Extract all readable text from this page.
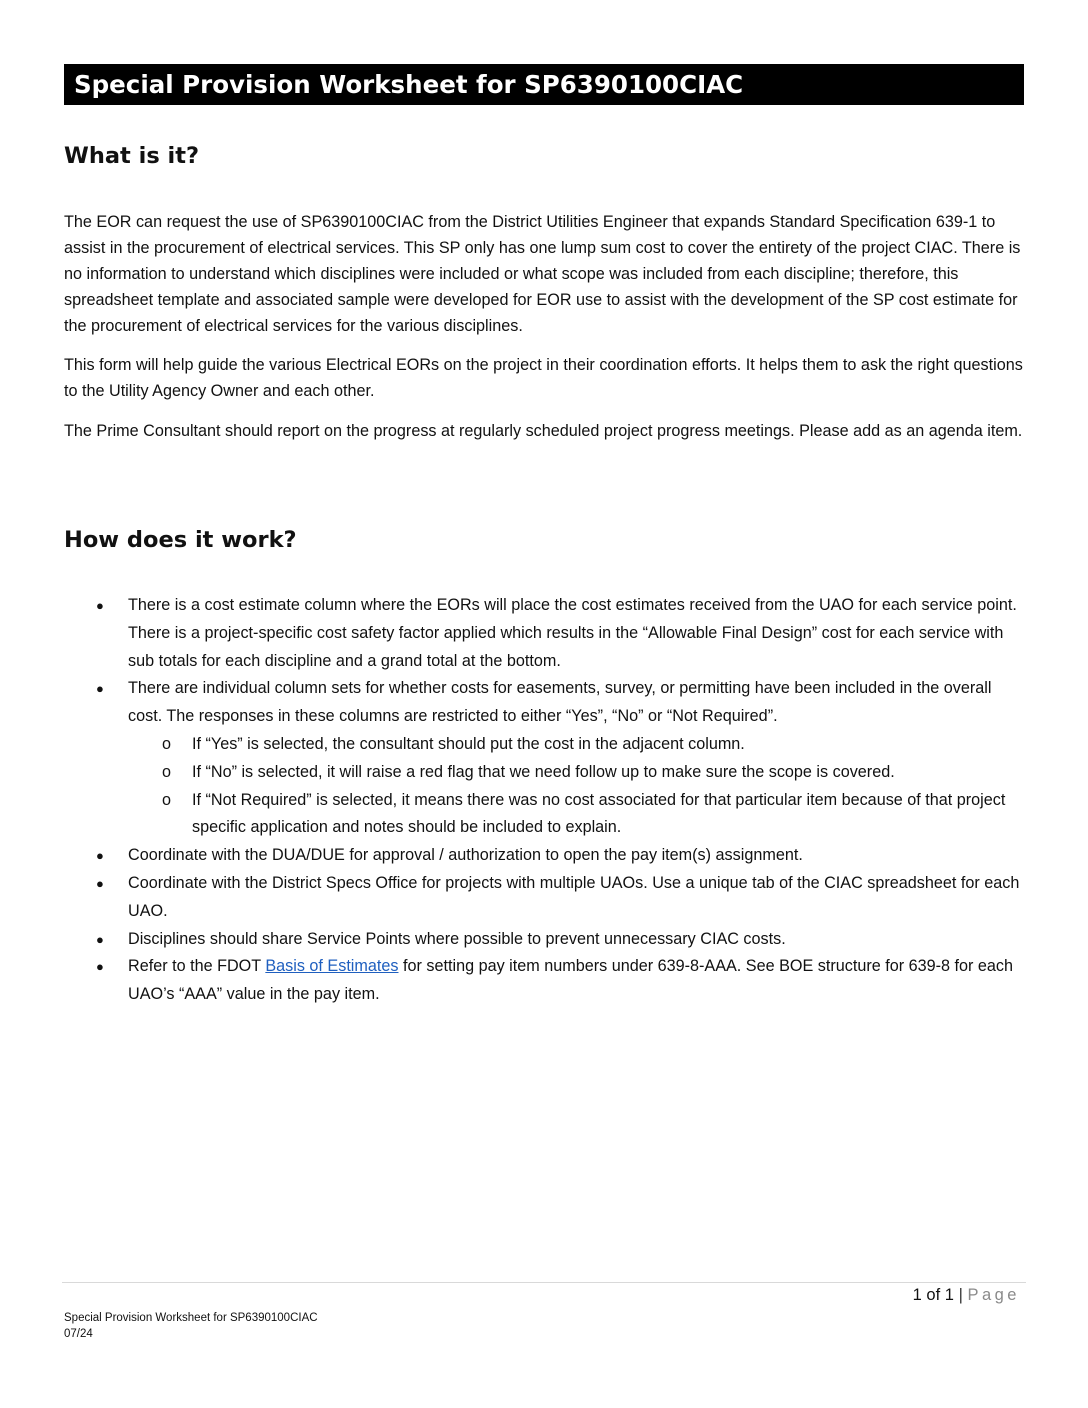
Special Provision Worksheet for SP6390100CIAC
What is it?

The EOR can request the use of SP6390100CIAC from the District Utilities Engineer that expands Standard Specification 639-1 to assist in the procurement of electrical services. This SP only has one lump sum cost to cover the entirety of the project CIAC. There is no information to understand which disciplines were included or what scope was included from each discipline; therefore, this spreadsheet template and associated sample were developed for EOR use to assist with the development of the SP cost estimate for the procurement of electrical services for the various disciplines.

This form will help guide the various Electrical EORs on the project in their coordination efforts. It helps them to ask the right questions to the Utility Agency Owner and each other.

The Prime Consultant should report on the progress at regularly scheduled project progress meetings. Please add as an agenda item.

How does it work?
● There is a cost estimate column where the EORs will place the cost estimates received from the UAO for each service point. There is a project-specific cost safety factor applied which results in the “Allowable Final Design” cost for each service with sub totals for each discipline and a grand total at the bottom.
● There are individual column sets for whether costs for easements, survey, or permitting have been included in the overall cost. The responses in these columns are restricted to either “Yes”, “No” or “Not Required”.
o If “Yes” is selected, the consultant should put the cost in the adjacent column.
o If “No” is selected, it will raise a red flag that we need follow up to make sure the scope is covered.
o If “Not Required” is selected, it means there was no cost associated for that particular item because of that project specific application and notes should be included to explain.
● Coordinate with the DUA/DUE for approval / authorization to open the pay item(s) assignment.
● Coordinate with the District Specs Office for projects with multiple UAOs. Use a unique tab of the CIAC spreadsheet for each UAO.
● Disciplines should share Service Points where possible to prevent unnecessary CIAC costs.
● Refer to the FDOT Basis of Estimates for setting pay item numbers under 639-8-AAA. See BOE structure for 639-8 for each UAO’s “AAA” value in the pay item.
1 of 1 | Page
Special Provision Worksheet for SP6390100CIAC
07/24
